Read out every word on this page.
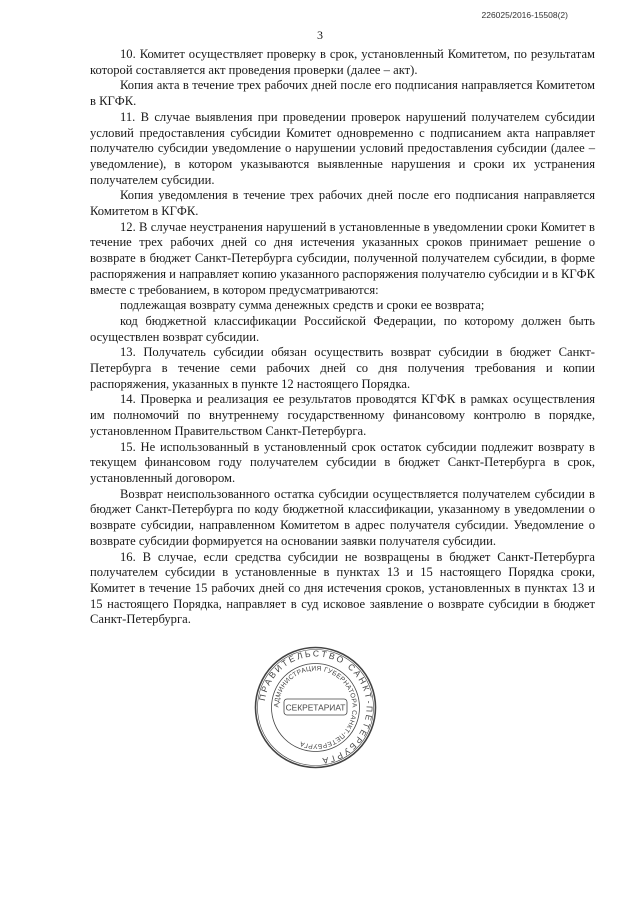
226025/2016-15508(2)
3

10. Комитет осуществляет проверку в срок, установленный Комитетом, по результатам которой составляется акт проведения проверки (далее – акт).

Копия акта в течение трех рабочих дней после его подписания направляется Комитетом в КГФК.

11. В случае выявления при проведении проверок нарушений получателем субсидии условий предоставления субсидии Комитет одновременно с подписанием акта направляет получателю субсидии уведомление о нарушении условий предоставления субсидии (далее – уведомление), в котором указываются выявленные нарушения и сроки их устранения получателем субсидии.

Копия уведомления в течение трех рабочих дней после его подписания направляется Комитетом в КГФК.

12. В случае неустранения нарушений в установленные в уведомлении сроки Комитет в течение трех рабочих дней со дня истечения указанных сроков принимает решение о возврате в бюджет Санкт-Петербурга субсидии, полученной получателем субсидии, в форме распоряжения и направляет копию указанного распоряжения получателю субсидии и в КГФК вместе с требованием, в котором предусматриваются:

подлежащая возврату сумма денежных средств и сроки ее возврата;

код бюджетной классификации Российской Федерации, по которому должен быть осуществлен возврат субсидии.

13. Получатель субсидии обязан осуществить возврат субсидии в бюджет Санкт-Петербурга в течение семи рабочих дней со дня получения требования и копии распоряжения, указанных в пункте 12 настоящего Порядка.

14. Проверка и реализация ее результатов проводятся КГФК в рамках осуществления им полномочий по внутреннему государственному финансовому контролю в порядке, установленном Правительством Санкт-Петербурга.

15. Не использованный в установленный срок остаток субсидии подлежит возврату в текущем финансовом году получателем субсидии в бюджет Санкт-Петербурга в срок, установленный договором.

Возврат неиспользованного остатка субсидии осуществляется получателем субсидии в бюджет Санкт-Петербурга по коду бюджетной классификации, указанному в уведомлении о возврате субсидии, направленном Комитетом в адрес получателя субсидии. Уведомление о возврате субсидии формируется на основании заявки получателя субсидии.

16. В случае, если средства субсидии не возвращены в бюджет Санкт-Петербурга получателем субсидии в установленные в пунктах 13 и 15 настоящего Порядка сроки, Комитет в течение 15 рабочих дней со дня истечения сроков, установленных в пунктах 13 и 15 настоящего Порядка, направляет в суд исковое заявление о возврате субсидии в бюджет Санкт-Петербурга.

ПРАВИТЕЛЬСТВО САНКТ-ПЕТЕРБУРГА
АДМИНИСТРАЦИЯ ГУБЕРНАТОРА САНКТ-ПЕТЕРБУРГА
СЕКРЕТАРИАТ
